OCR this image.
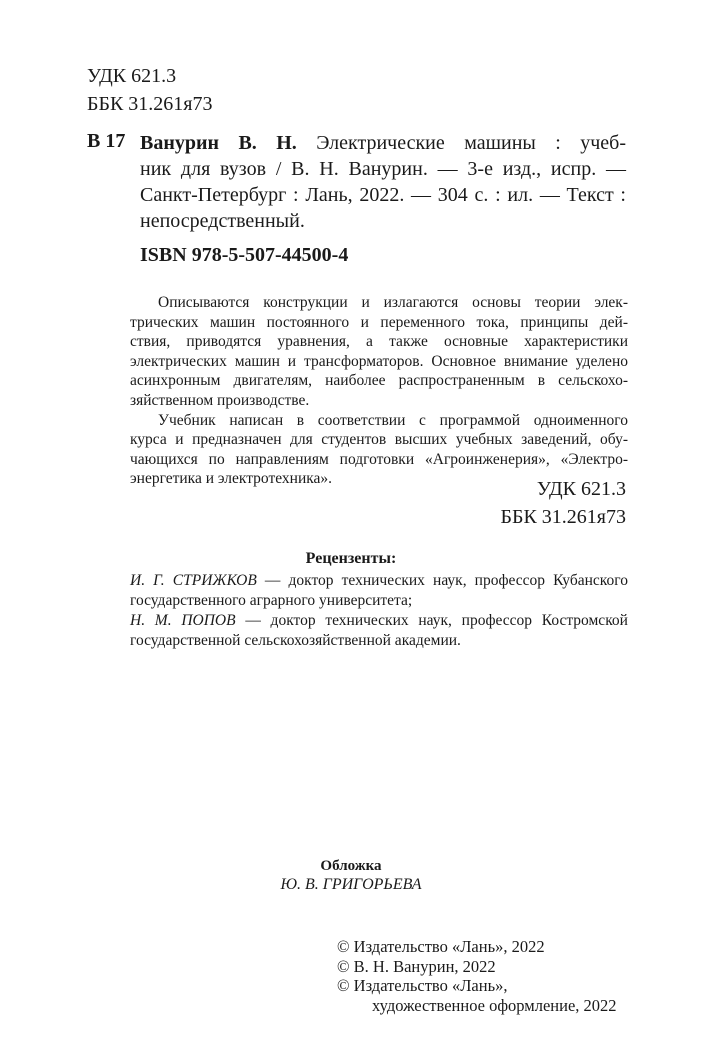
УДК 621.3
ББК 31.261я73
В 17 Ванурин В. Н. Электрические машины : учеб-
ник для вузов / В. Н. Ванурин. — 3-е изд., испр. —
Санкт-Петербург : Лань, 2022. — 304 с. : ил. — Текст :
непосредственный.
ISBN 978-5-507-44500-4
Описываются конструкции и излагаются основы теории элек-
трических машин постоянного и переменного тока, принципы дей-
ствия, приводятся уравнения, а также основные характеристики
электрических машин и трансформаторов. Основное внимание уделено
асинхронным двигателям, наиболее распространенным в сельскохо-
зяйственном производстве.
Учебник написан в соответствии с программой одноименного
курса и предназначен для студентов высших учебных заведений, обу-
чающихся по направлениям подготовки «Агроинженерия», «Электро-
энергетика и электротехника».	УДК 621.3
ББК 31.261я73
Рецензенты:
И. Г. СТРИЖКОВ — доктор технических наук, профессор Кубанского
государственного аграрного университета;
Н. М. ПОПОВ — доктор технических наук, профессор Костромской
государственной сельскохозяйственной академии.
Обложка
Ю. В. ГРИГОРЬЕВА
© Издательство «Лань», 2022
© В. Н. Ванурин, 2022
© Издательство «Лань»,
художественное оформление, 2022
